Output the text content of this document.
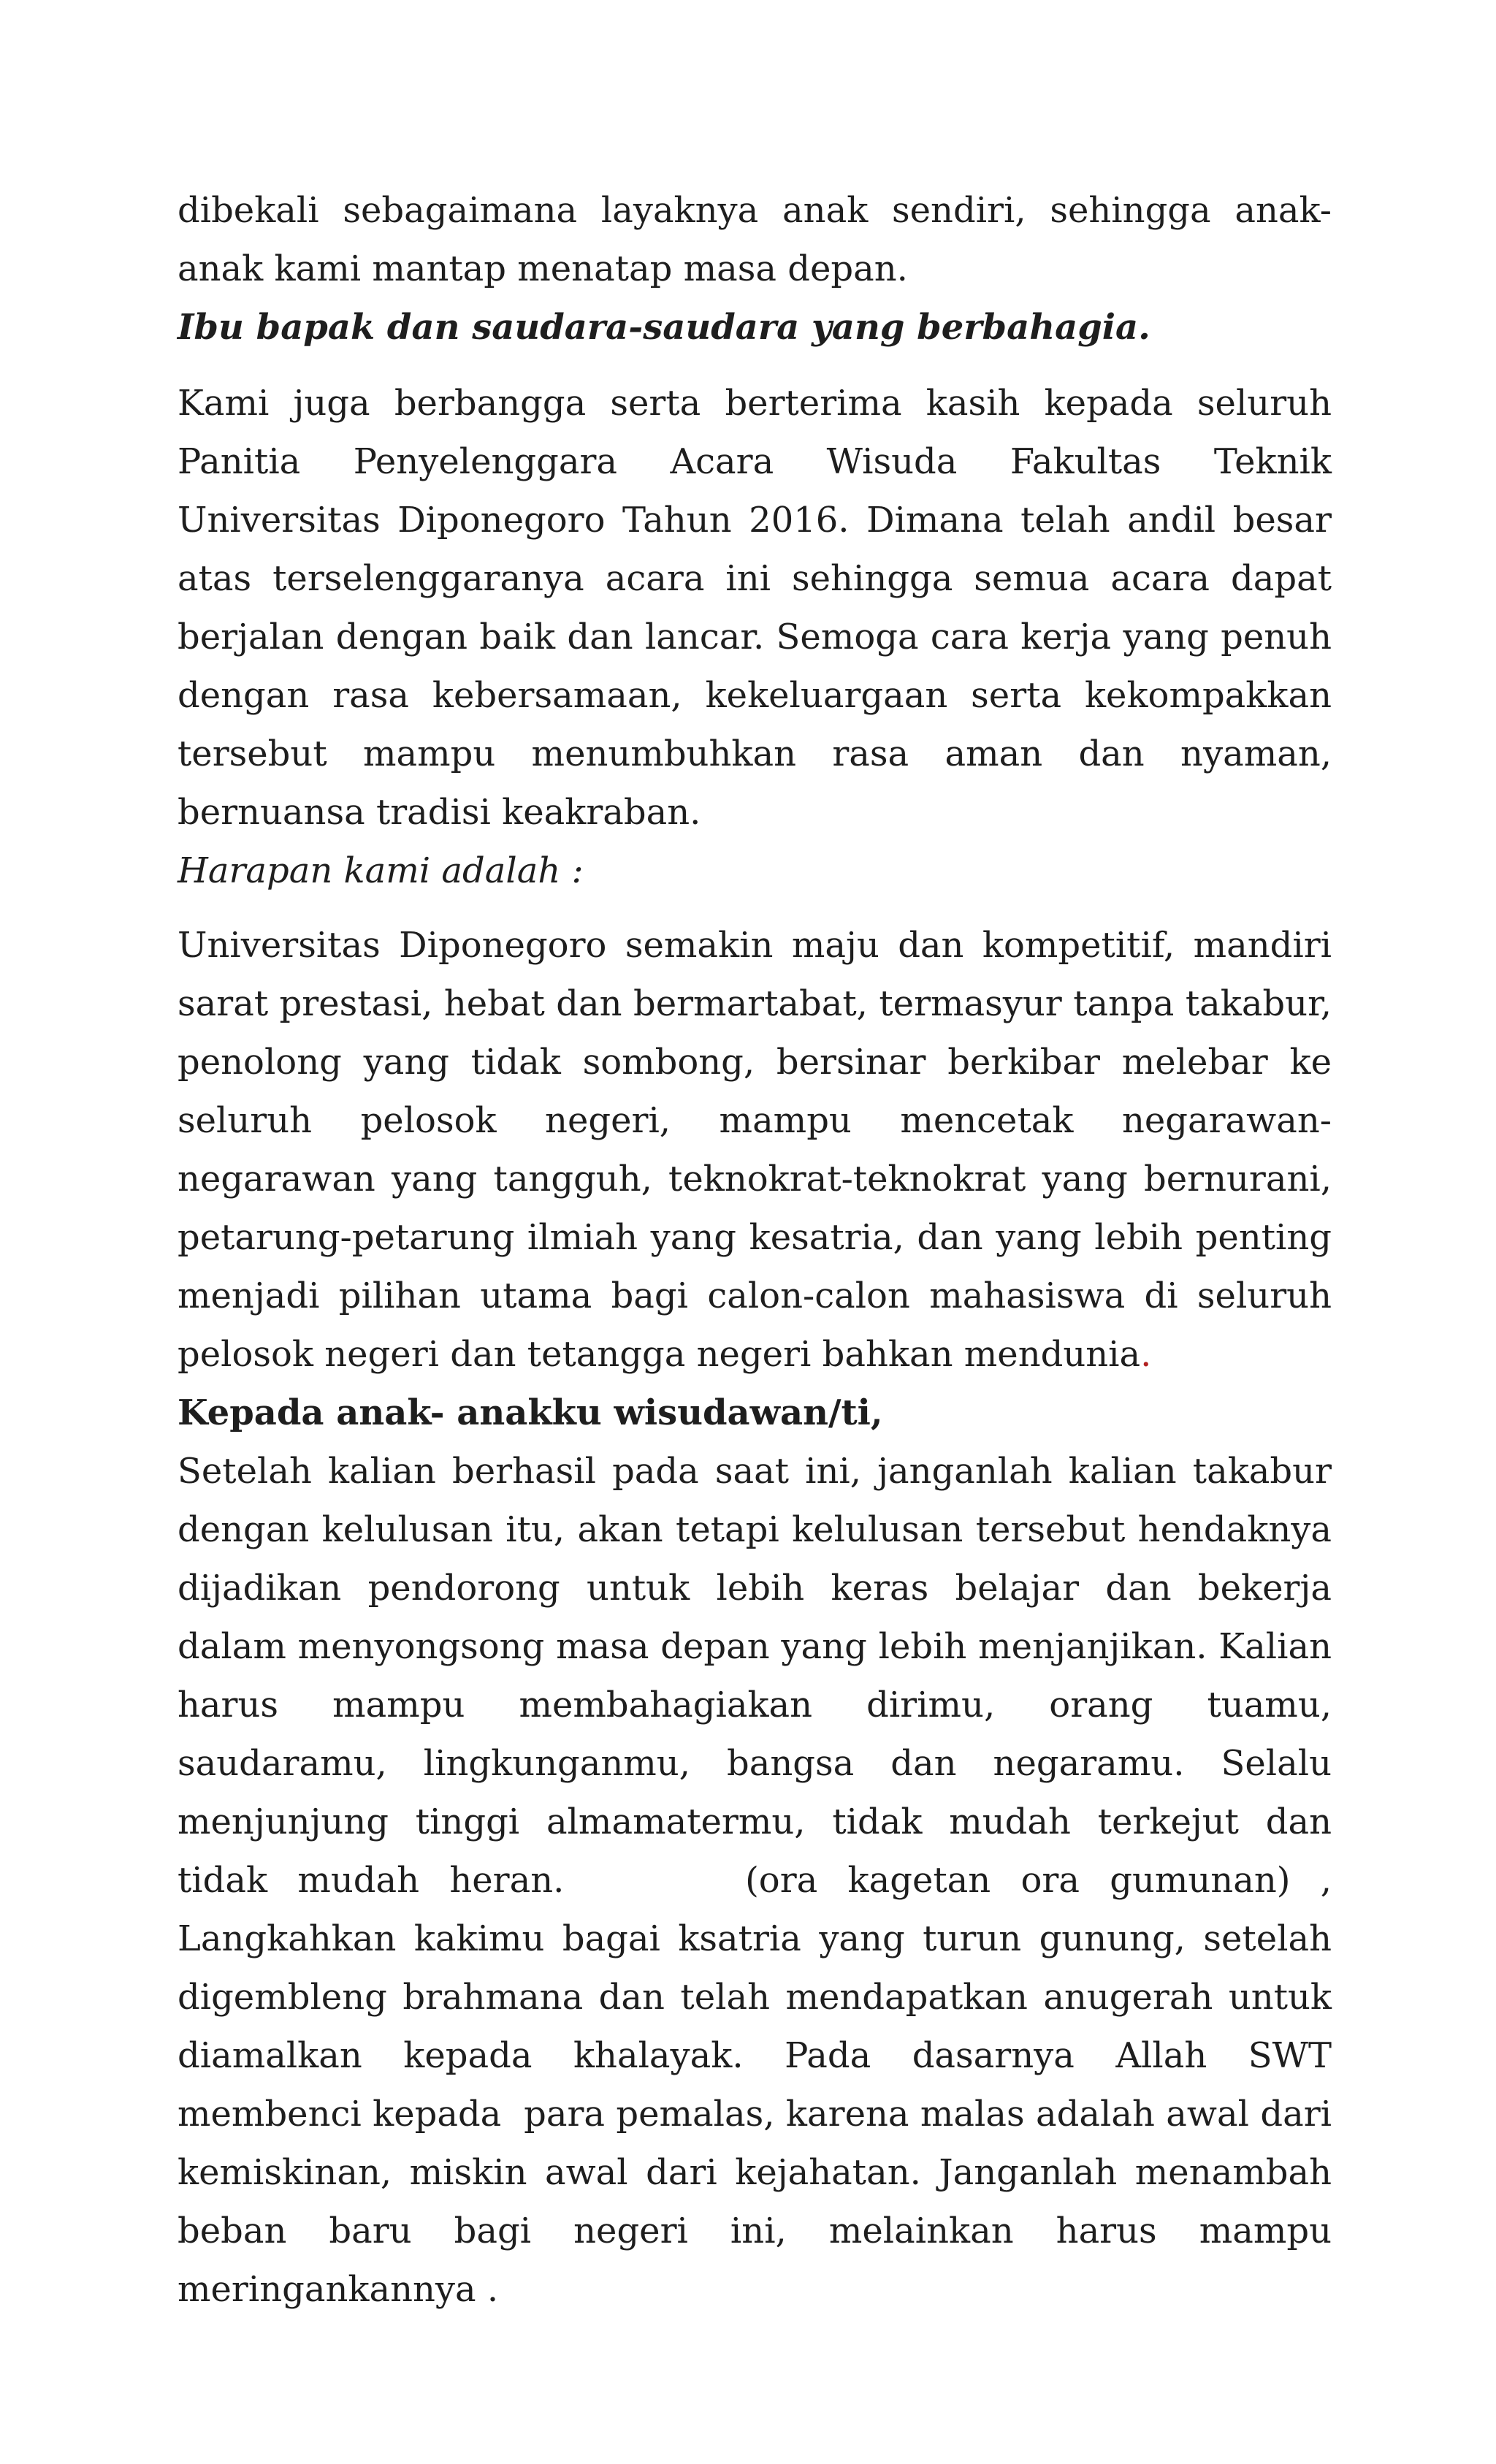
dibekali sebagaimana layaknya anak sendiri, sehingga anak- anak kami mantap menatap masa depan.

Ibu bapak dan saudara-saudara yang berbahagia.

Kami juga berbangga serta berterima kasih kepada seluruh Panitia Penyelenggara Acara Wisuda Fakultas Teknik Universitas Diponegoro Tahun 2016. Dimana telah andil besar atas terselenggaranya acara ini sehingga semua acara dapat berjalan dengan baik dan lancar. Semoga cara kerja yang penuh dengan rasa kebersamaan, kekeluargaan serta kekompakkan tersebut mampu menumbuhkan rasa aman dan nyaman, bernuansa tradisi keakraban.

Harapan kami adalah :

Universitas Diponegoro semakin maju dan kompetitif, mandiri sarat prestasi, hebat dan bermartabat, termasyur tanpa takabur, penolong yang tidak sombong, bersinar berkibar melebar ke seluruh pelosok negeri, mampu mencetak negarawan-negarawan yang tangguh, teknokrat-teknokrat yang bernurani, petarung-petarung ilmiah yang kesatria, dan yang lebih penting menjadi pilihan utama bagi calon-calon mahasiswa di seluruh pelosok negeri dan tetangga negeri bahkan mendunia.

Kepada anak- anakku wisudawan/ti,

Setelah kalian berhasil pada saat ini, janganlah kalian takabur dengan kelulusan itu, akan tetapi kelulusan tersebut hendaknya dijadikan pendorong untuk lebih keras belajar dan bekerja dalam menyongsong masa depan yang lebih menjanjikan. Kalian harus mampu membahagiakan dirimu, orang tuamu, saudaramu, lingkunganmu, bangsa dan negaramu. Selalu menjunjung tinggi almamatermu, tidak mudah terkejut dan tidak mudah heran.      (ora kagetan ora gumunan) , Langkahkan kakimu bagai ksatria yang turun gunung, setelah digembleng brahmana dan telah mendapatkan anugerah untuk diamalkan kepada khalayak. Pada dasarnya Allah SWT membenci kepada  para pemalas, karena malas adalah awal dari kemiskinan, miskin awal dari kejahatan. Janganlah menambah beban baru bagi negeri ini, melainkan harus mampu meringankannya .
